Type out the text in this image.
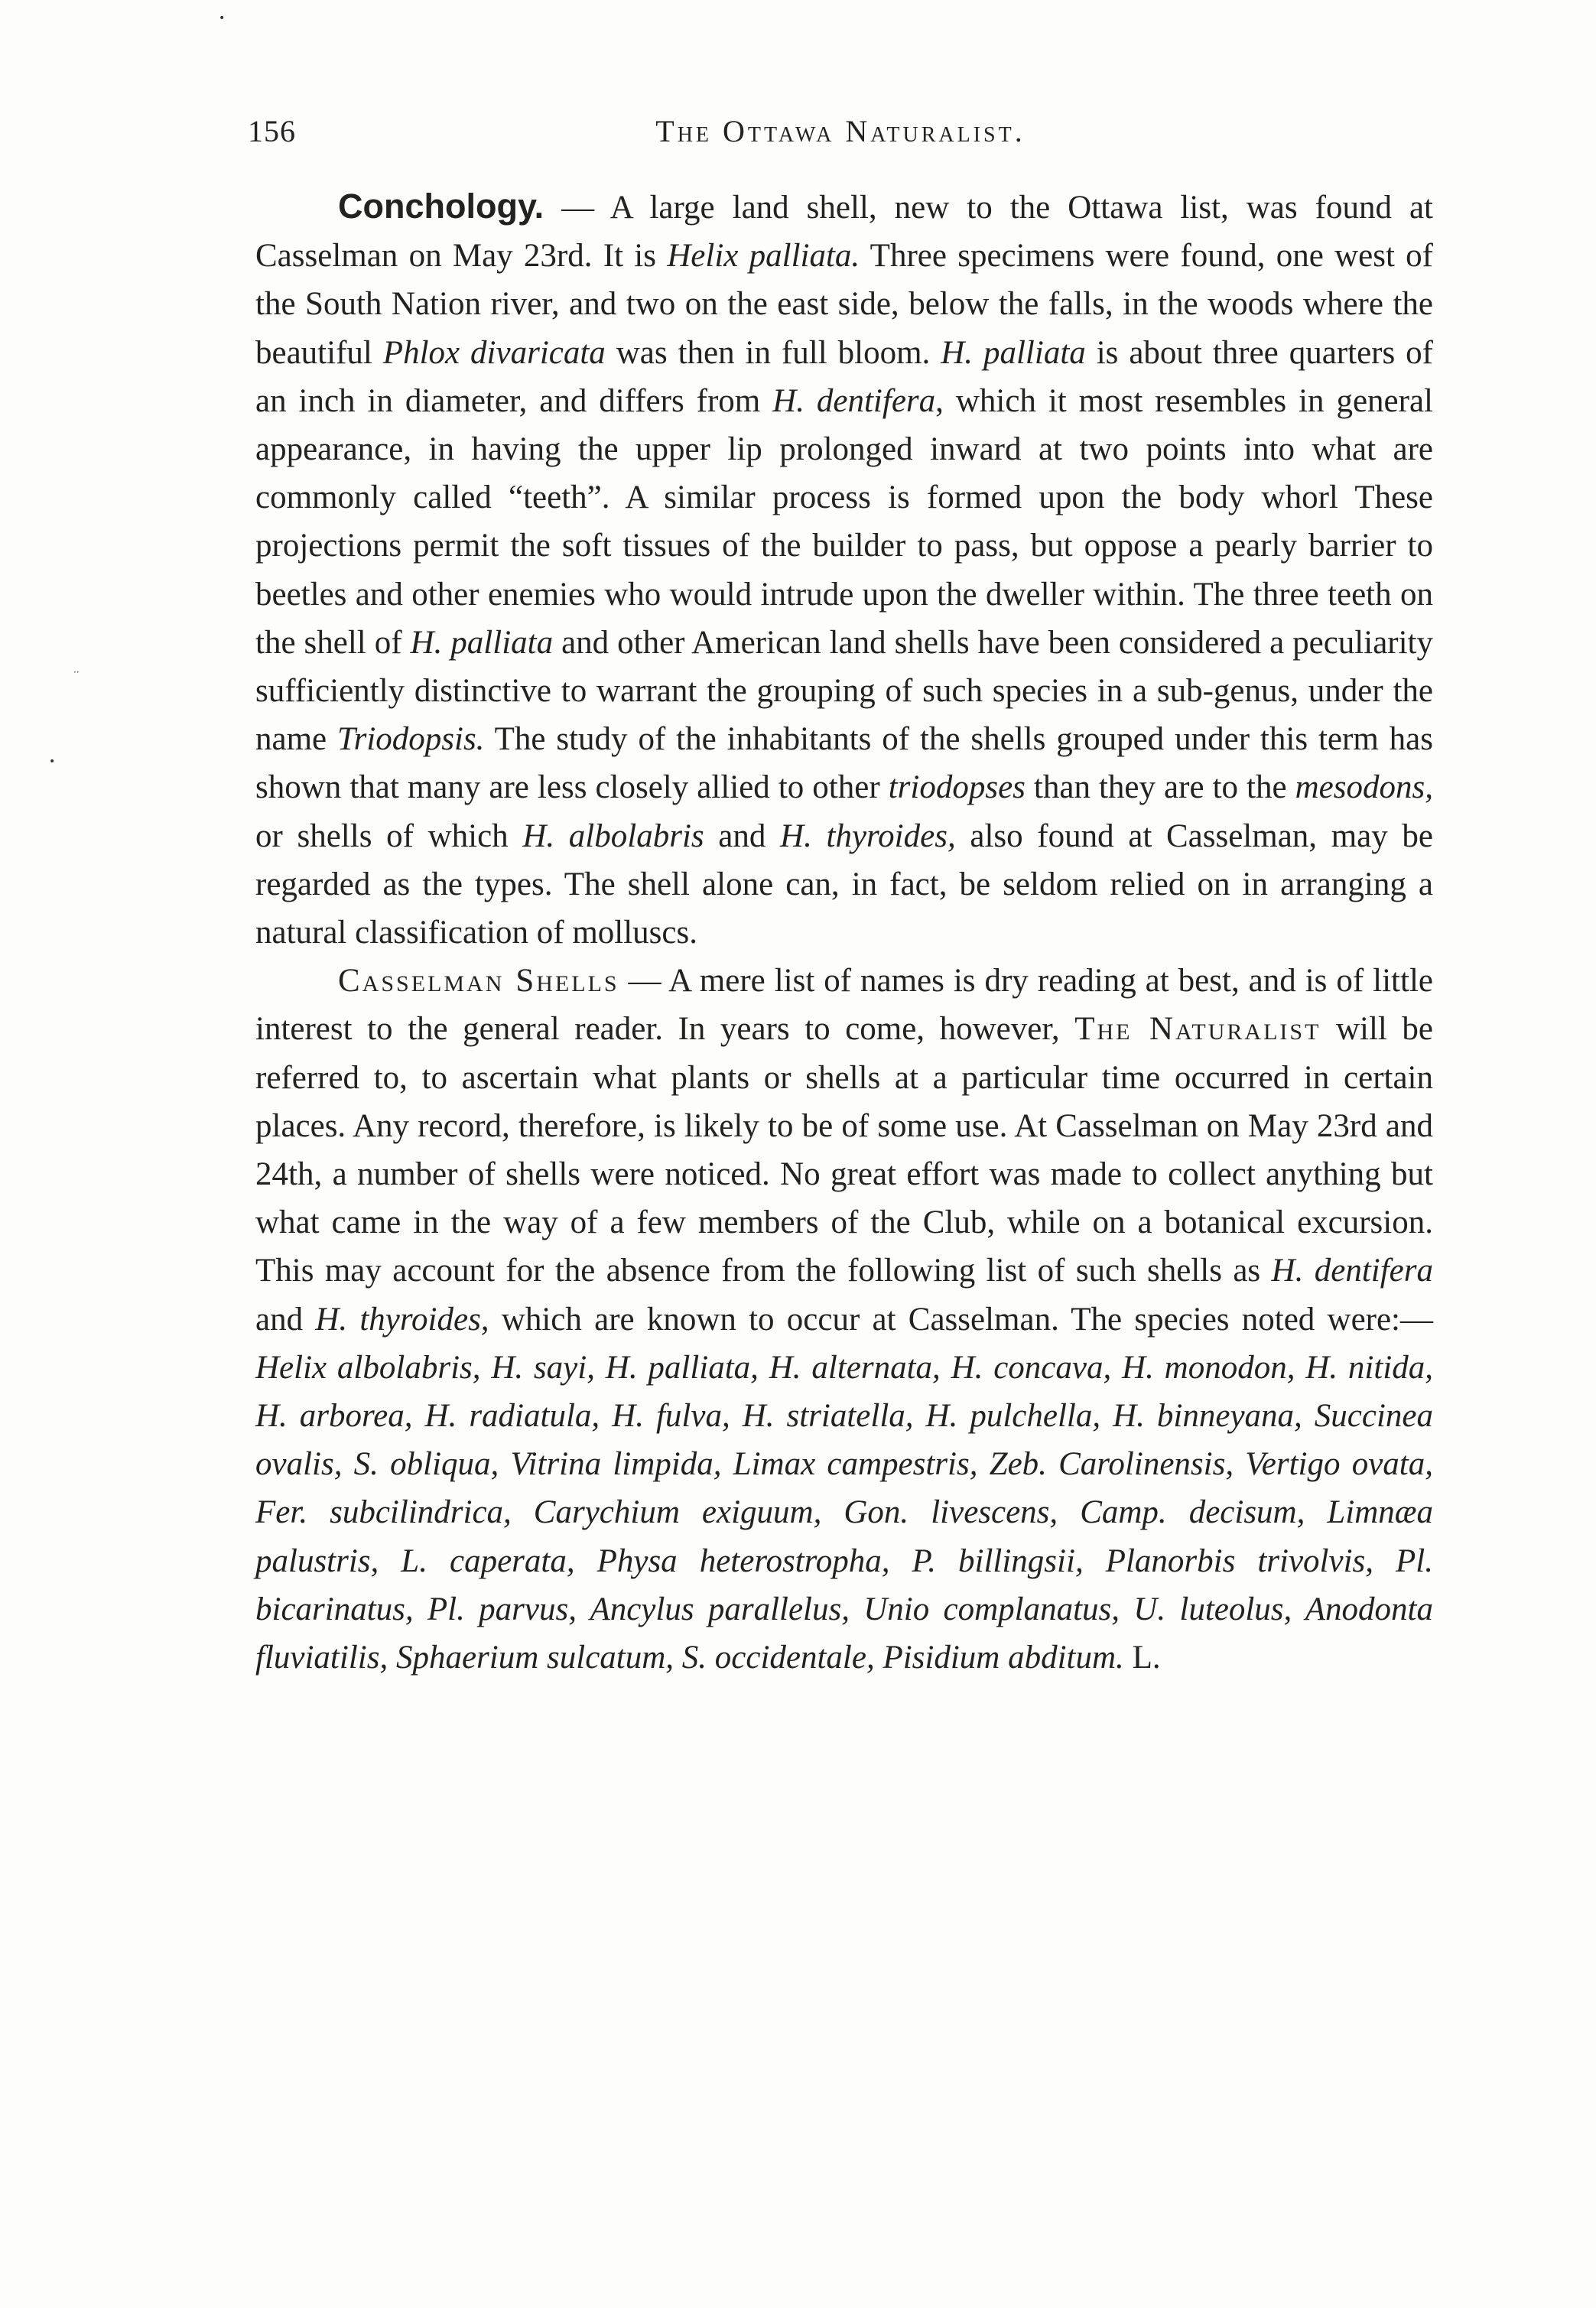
•
··
•
156	The Ottawa Naturalist.

Conchology. — A large land shell, new to the Ottawa list, was found at Casselman on May 23rd. It is Helix palliata. Three specimens were found, one west of the South Nation river, and two on the east side, below the falls, in the woods where the beautiful Phlox divaricata was then in full bloom. H. palliata is about three quarters of an inch in diameter, and differs from H. dentifera, which it most resembles in general appearance, in having the upper lip prolonged inward at two points into what are commonly called “teeth”. A similar process is formed upon the body whorl These projections permit the soft tissues of the builder to pass, but oppose a pearly barrier to beetles and other enemies who would intrude upon the dweller within. The three teeth on the shell of H. palliata and other American land shells have been considered a peculiarity sufficiently distinctive to warrant the grouping of such species in a sub-genus, under the name Triodopsis. The study of the inhabitants of the shells grouped under this term has shown that many are less closely allied to other triodopses than they are to the mesodons, or shells of which H. albolabris and H. thyroides, also found at Casselman, may be regarded as the types. The shell alone can, in fact, be seldom relied on in arranging a natural classification of molluscs.

Casselman Shells — A mere list of names is dry reading at best, and is of little interest to the general reader. In years to come, however, The Naturalist will be referred to, to ascertain what plants or shells at a particular time occurred in certain places. Any record, therefore, is likely to be of some use. At Casselman on May 23rd and 24th, a number of shells were noticed. No great effort was made to collect anything but what came in the way of a few members of the Club, while on a botanical excursion. This may account for the absence from the following list of such shells as H. dentifera and H. thyroides, which are known to occur at Casselman. The species noted were:—Helix albolabris, H. sayi, H. palliata, H. alternata, H. concava, H. monodon, H. nitida, H. arborea, H. radiatula, H. fulva, H. striatella, H. pulchella, H. binneyana, Succinea ovalis, S. obliqua, Vitrina limpida, Limax campestris, Zeb. Carolinensis, Vertigo ovata, Fer. subcilindrica, Carychium exiguum, Gon. livescens, Camp. decisum, Limnæa palustris, L. caperata, Physa heterostropha, P. billingsii, Planorbis trivolvis, Pl. bicarinatus, Pl. parvus, Ancylus parallelus, Unio complanatus, U. luteolus, Anodonta fluviatilis, Sphaerium sulcatum, S. occidentale, Pisidium abditum. L.
